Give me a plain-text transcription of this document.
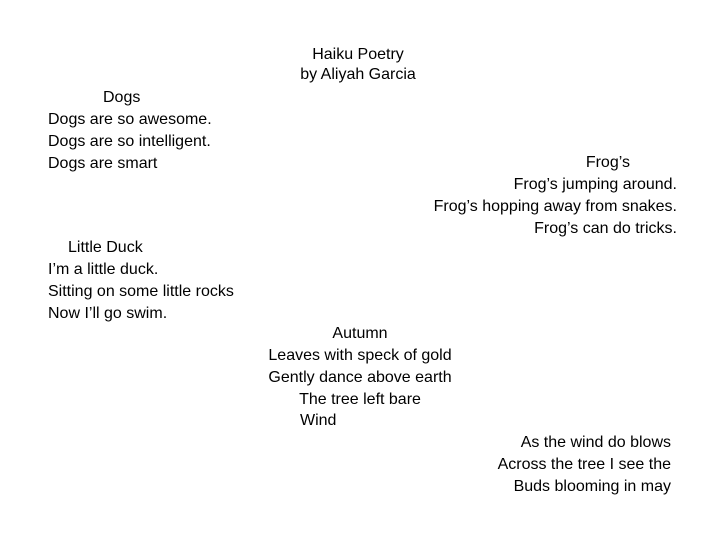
Haiku Poetry
by Aliyah Garcia
Dogs
Dogs are so awesome.
Dogs are so intelligent.
Dogs are smart	Frog’s
Frog’s jumping around.
Frog’s hopping away from snakes.
Frog’s can do tricks.
Little Duck
I’m a little duck.
Sitting on some little rocks
Now I’ll go swim.
Autumn
Leaves with speck of gold
Gently dance above earth
The tree left bare
Wind
As the wind do blows
Across the tree I see the
Buds blooming in may
